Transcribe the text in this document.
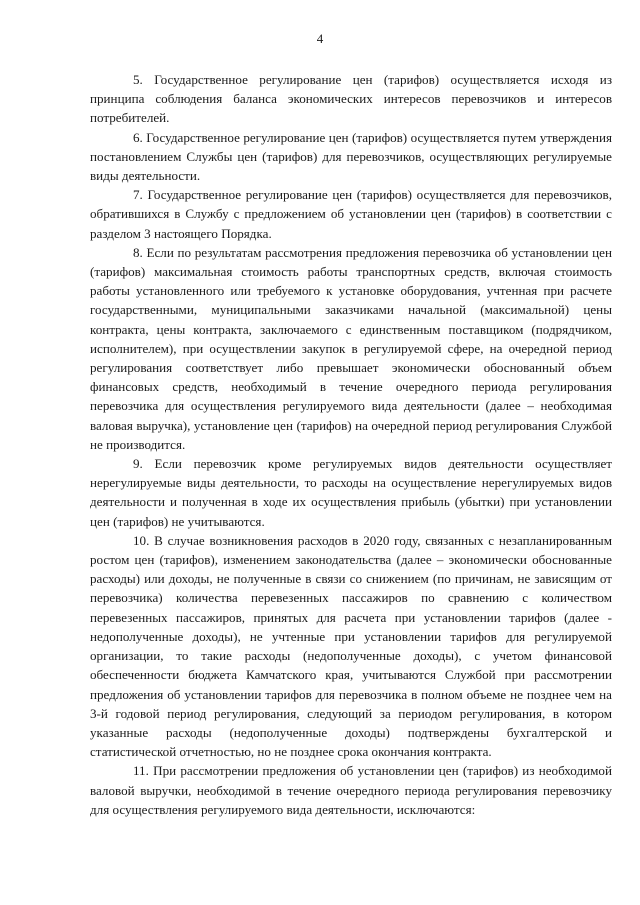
4

5. Государственное регулирование цен (тарифов) осуществляется исходя из принципа соблюдения баланса экономических интересов перевозчиков и интересов потребителей.

6. Государственное регулирование цен (тарифов) осуществляется путем утверждения постановлением Службы цен (тарифов) для перевозчиков, осуществляющих регулируемые виды деятельности.

7. Государственное регулирование цен (тарифов) осуществляется для перевозчиков, обратившихся в Службу с предложением об установлении цен (тарифов) в соответствии с разделом 3 настоящего Порядка.

8. Если по результатам рассмотрения предложения перевозчика об установлении цен (тарифов) максимальная стоимость работы транспортных средств, включая стоимость работы установленного или требуемого к установке оборудования, учтенная при расчете государственными, муниципальными заказчиками начальной (максимальной) цены контракта, цены контракта, заключаемого с единственным поставщиком (подрядчиком, исполнителем), при осуществлении закупок в регулируемой сфере, на очередной период регулирования соответствует либо превышает экономически обоснованный объем финансовых средств, необходимый в течение очередного периода регулирования перевозчика для осуществления регулируемого вида деятельности (далее – необходимая валовая выручка), установление цен (тарифов) на очередной период регулирования Службой не производится.

9. Если перевозчик кроме регулируемых видов деятельности осуществляет нерегулируемые виды деятельности, то расходы на осуществление нерегулируемых видов деятельности и полученная в ходе их осуществления прибыль (убытки) при установлении цен (тарифов) не учитываются.

10. В случае возникновения расходов в 2020 году, связанных с незапланированным ростом цен (тарифов), изменением законодательства (далее – экономически обоснованные расходы) или доходы, не полученные в связи со снижением (по причинам, не зависящим от перевозчика) количества перевезенных пассажиров по сравнению с количеством перевезенных пассажиров, принятых для расчета при установлении тарифов (далее - недополученные доходы), не учтенные при установлении тарифов для регулируемой организации, то такие расходы (недополученные доходы), с учетом финансовой обеспеченности бюджета Камчатского края, учитываются Службой при рассмотрении предложения об установлении тарифов для перевозчика в полном объеме не позднее чем на 3-й годовой период регулирования, следующий за периодом регулирования, в котором указанные расходы (недополученные доходы) подтверждены бухгалтерской и статистической отчетностью, но не позднее срока окончания контракта.

11. При рассмотрении предложения об установлении цен (тарифов) из необходимой валовой выручки, необходимой в течение очередного периода регулирования перевозчику для осуществления регулируемого вида деятельности, исключаются:
